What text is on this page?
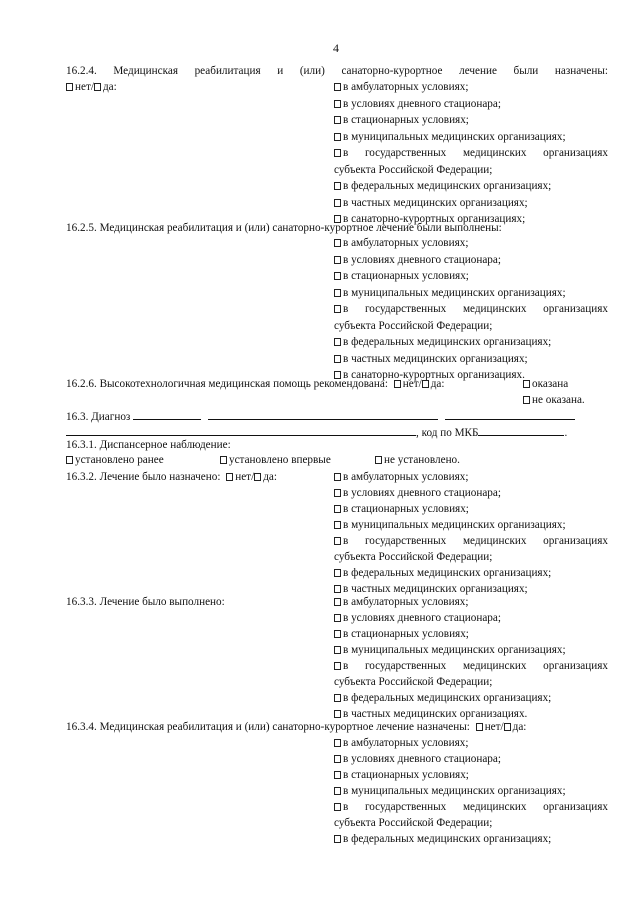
4
16.2.4. Медицинская реабилитация и (или) санаторно-курортное лечение были назначены:
нет/ да:	в амбулаторных условиях;
в условиях дневного стационара;
в стационарных условиях;
в муниципальных медицинских организациях;
в государственных медицинских организациях
субъекта Российской Федерации;
в федеральных медицинских организациях;
в частных медицинских организациях;
в санаторно-курортных организациях;
16.2.5. Медицинская реабилитация и (или) санаторно-курортное лечение были выполнены:
в амбулаторных условиях;
в условиях дневного стационара;
в стационарных условиях;
в муниципальных медицинских организациях;
в государственных медицинских организациях
субъекта Российской Федерации;
в федеральных медицинских организациях;
в частных медицинских организациях;
в санаторно-курортных организациях.
16.2.6. Высокотехнологичная медицинская помощь рекомендована: нет/ да:	оказана
не оказана.
16.3. Диагноз
, код по МКБ	.
16.3.1. Диспансерное наблюдение:
установлено ранее	установлено впервые	не установлено.
16.3.2. Лечение было назначено: нет/ да:	в амбулаторных условиях;
в условиях дневного стационара;
в стационарных условиях;
в муниципальных медицинских организациях;
в государственных медицинских организациях
субъекта Российской Федерации;
в федеральных медицинских организациях;
в частных медицинских организациях;
16.3.3. Лечение было выполнено:	в амбулаторных условиях;
в условиях дневного стационара;
в стационарных условиях;
в муниципальных медицинских организациях;
в государственных медицинских организациях
субъекта Российской Федерации;
в федеральных медицинских организациях;
в частных медицинских организациях.
16.3.4. Медицинская реабилитация и (или) санаторно-курортное лечение назначены: нет/ да:
в амбулаторных условиях;
в условиях дневного стационара;
в стационарных условиях;
в муниципальных медицинских организациях;
в государственных медицинских организациях
субъекта Российской Федерации;
в федеральных медицинских организациях;
